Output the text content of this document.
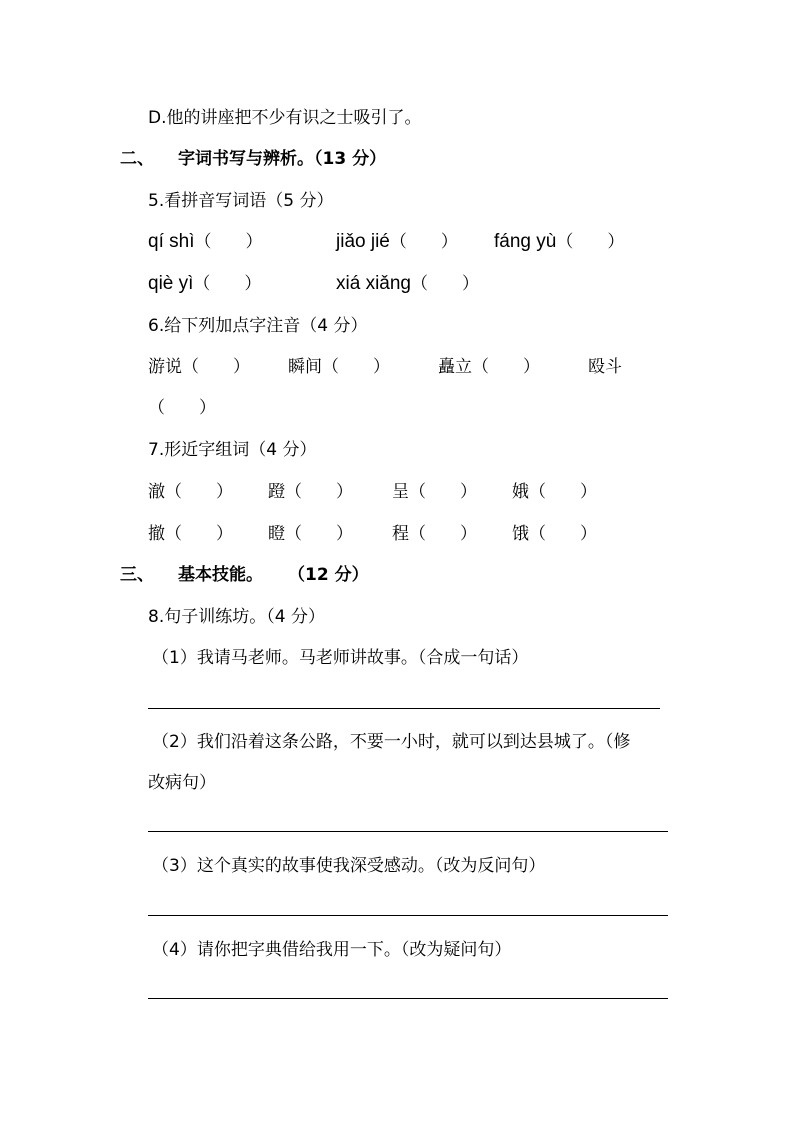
D.他的讲座把不少有识之士吸引了。
二、 字词书写与辨析。（13 分）
5.看拼音写词语（5 分）
qí shì（　　）	jiǎo jié（　　） fáng yù（　　）
qiè yì（　　）	xiá xiǎng（　　）
6.给下列加点字注音（4 分）
游说（　　） 瞬间（　　）	矗立（　　）	殴斗
（　　）
7.形近字组词（4 分）
澈（　　） 蹬（　　） 呈（　　） 娥（　　）
撤（　　） 瞪（　　） 程（　　） 饿（　　）
三、 基本技能。 （12 分）
8.句子训练坊。（4 分）
（1）我请马老师。马老师讲故事。（合成一句话）
（2）我们沿着这条公路，不要一小时，就可以到达县城了。（修
改病句）
（3）这个真实的故事使我深受感动。（改为反问句）
（4）请你把字典借给我用一下。（改为疑问句）
